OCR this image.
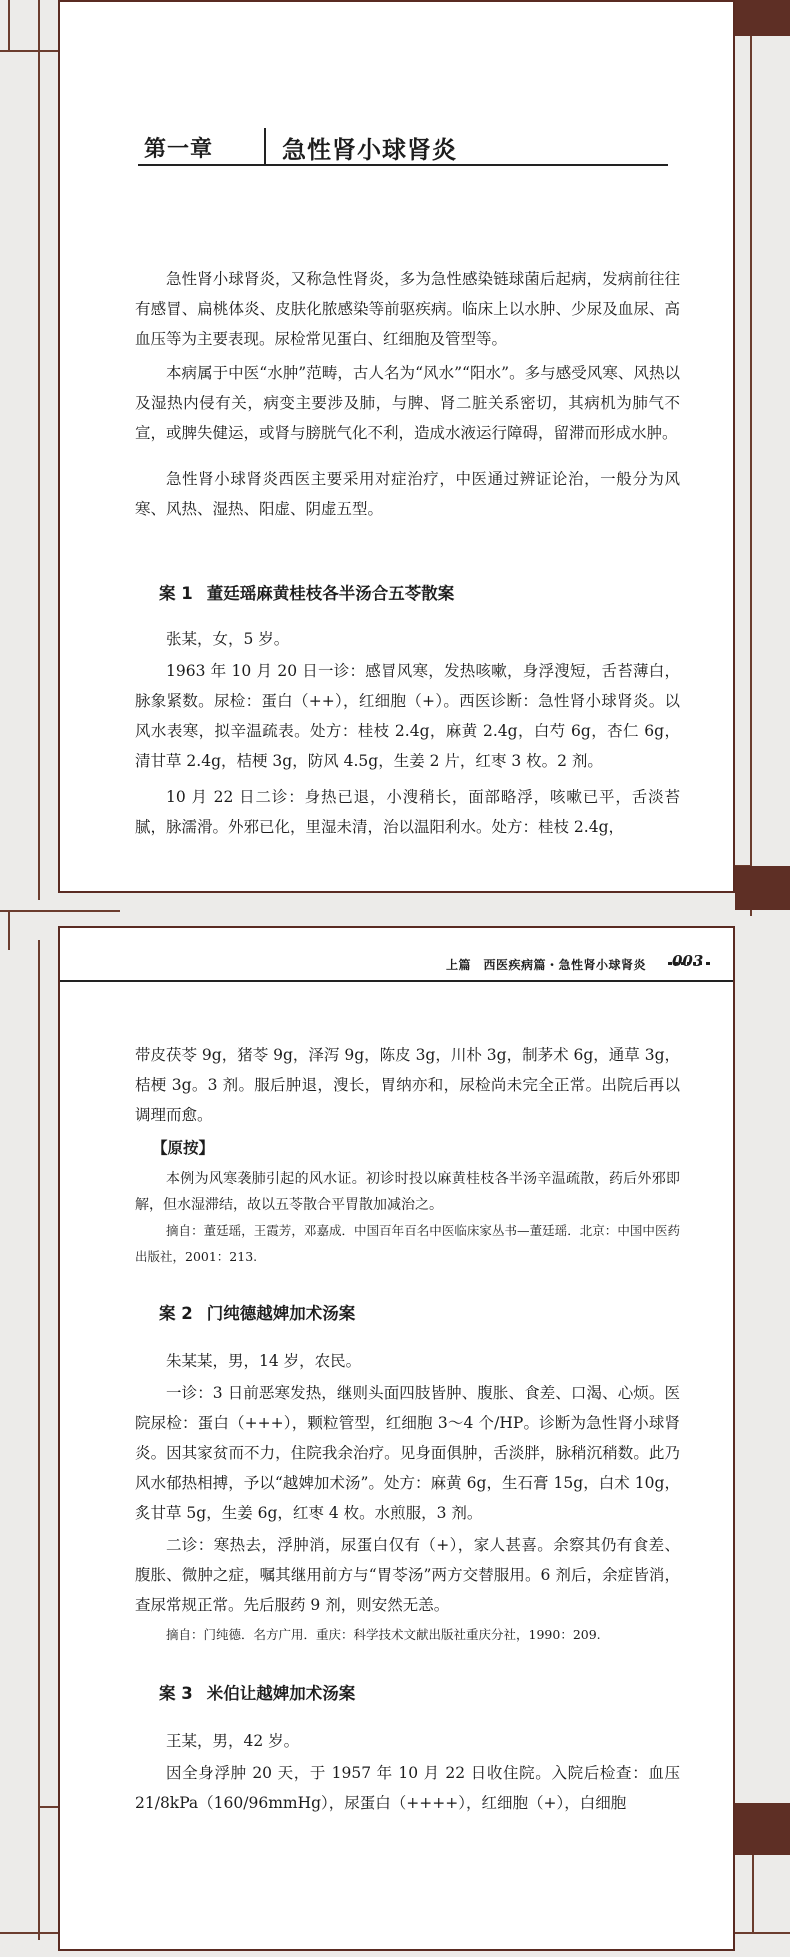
第一章	急性肾小球肾炎

急性肾小球肾炎，又称急性肾炎，多为急性感染链球菌后起病，发病前往往有感冒、扁桃体炎、皮肤化脓感染等前驱疾病。临床上以水肿、少尿及血尿、高血压等为主要表现。尿检常见蛋白、红细胞及管型等。

本病属于中医“水肿”范畴，古人名为“风水”“阳水”。多与感受风寒、风热以及湿热内侵有关，病变主要涉及肺，与脾、肾二脏关系密切，其病机为肺气不宣，或脾失健运，或肾与膀胱气化不利，造成水液运行障碍，留滞而形成水肿。

急性肾小球肾炎西医主要采用对症治疗，中医通过辨证论治，一般分为风寒、风热、湿热、阳虚、阴虚五型。

案 1 董廷瑶麻黄桂枝各半汤合五苓散案

张某，女，5 岁。

1963 年 10 月 20 日一诊：感冒风寒，发热咳嗽，身浮溲短，舌苔薄白，脉象紧数。尿检：蛋白（++），红细胞（+）。西医诊断：急性肾小球肾炎。以风水表寒，拟辛温疏表。处方：桂枝 2.4g，麻黄 2.4g，白芍 6g，杏仁 6g，清甘草 2.4g，桔梗 3g，防风 4.5g，生姜 2 片，红枣 3 枚。2 剂。

10 月 22 日二诊：身热已退，小溲稍长，面部略浮，咳嗽已平，舌淡苔腻，脉濡滑。外邪已化，里湿未清，治以温阳利水。处方：桂枝 2.4g，

上篇　西医疾病篇・急性肾小球肾炎 003

带皮茯苓 9g，猪苓 9g，泽泻 9g，陈皮 3g，川朴 3g，制茅术 6g，通草 3g，桔梗 3g。3 剂。服后肿退，溲长，胃纳亦和，尿检尚未完全正常。出院后再以调理而愈。

【原按】

本例为风寒袭肺引起的风水证。初诊时投以麻黄桂枝各半汤辛温疏散，药后外邪即解，但水湿滞结，故以五苓散合平胃散加减治之。

摘自：董廷瑶，王霞芳，邓嘉成．中国百年百名中医临床家丛书—董廷瑶．北京：中国中医药出版社，2001：213.

案 2 门纯德越婢加术汤案

朱某某，男，14 岁，农民。

一诊：3 日前恶寒发热，继则头面四肢皆肿、腹胀、食差、口渴、心烦。医院尿检：蛋白（+++），颗粒管型，红细胞 3～4 个/HP。诊断为急性肾小球肾炎。因其家贫而不力，住院我余治疗。见身面俱肿，舌淡胖，脉稍沉稍数。此乃风水郁热相搏，予以“越婢加术汤”。处方：麻黄 6g，生石膏 15g，白术 10g，炙甘草 5g，生姜 6g，红枣 4 枚。水煎服，3 剂。

二诊：寒热去，浮肿消，尿蛋白仅有（+），家人甚喜。余察其仍有食差、腹胀、微肿之症，嘱其继用前方与“胃苓汤”两方交替服用。6 剂后，余症皆消，查尿常规正常。先后服药 9 剂，则安然无恙。

摘自：门纯德．名方广用．重庆：科学技术文献出版社重庆分社，1990：209.

案 3 米伯让越婢加术汤案

王某，男，42 岁。

因全身浮肿 20 天，于 1957 年 10 月 22 日收住院。入院后检查：血压 21/8kPa（160/96mmHg），尿蛋白（++++），红细胞（+），白细胞
